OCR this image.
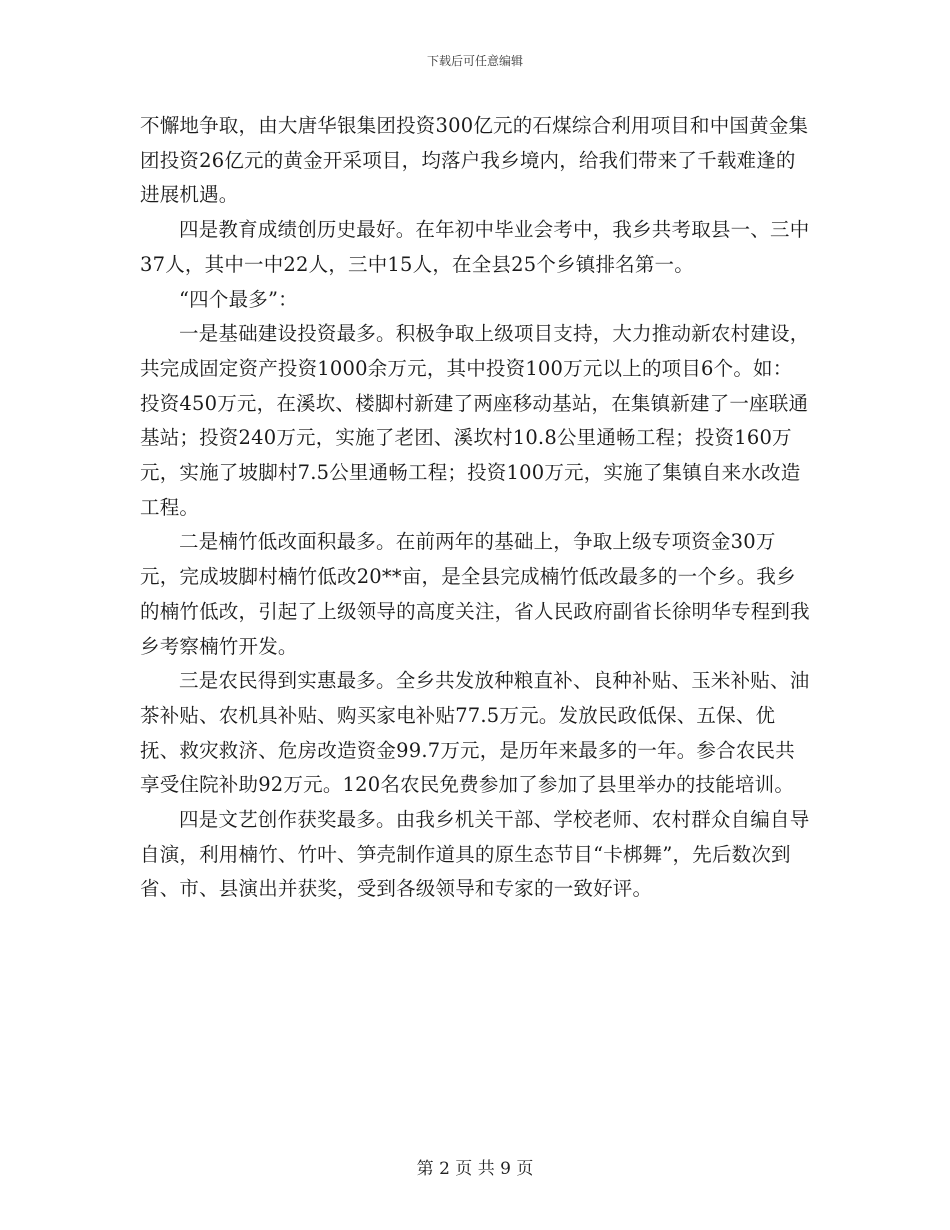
下载后可任意编辑

不懈地争取，由大唐华银集团投资300亿元的石煤综合利用项目和中国黄金集团投资26亿元的黄金开采项目，均落户我乡境内，给我们带来了千载难逢的进展机遇。

四是教育成绩创历史最好。在年初中毕业会考中，我乡共考取县一、三中37人，其中一中22人，三中15人，在全县25个乡镇排名第一。

“四个最多”：

一是基础建设投资最多。积极争取上级项目支持，大力推动新农村建设，共完成固定资产投资1000余万元，其中投资100万元以上的项目6个。如：投资450万元，在溪坎、楼脚村新建了两座移动基站，在集镇新建了一座联通基站；投资240万元，实施了老团、溪坎村10.8公里通畅工程；投资160万元，实施了坡脚村7.5公里通畅工程；投资100万元，实施了集镇自来水改造工程。

二是楠竹低改面积最多。在前两年的基础上，争取上级专项资金30万元，完成坡脚村楠竹低改20**亩，是全县完成楠竹低改最多的一个乡。我乡的楠竹低改，引起了上级领导的高度关注，省人民政府副省长徐明华专程到我乡考察楠竹开发。

三是农民得到实惠最多。全乡共发放种粮直补、良种补贴、玉米补贴、油茶补贴、农机具补贴、购买家电补贴77.5万元。发放民政低保、五保、优抚、救灾救济、危房改造资金99.7万元，是历年来最多的一年。参合农民共享受住院补助92万元。120名农民免费参加了参加了县里举办的技能培训。

四是文艺创作获奖最多。由我乡机关干部、学校老师、农村群众自编自导自演，利用楠竹、竹叶、笋壳制作道具的原生态节目“卡梆舞”，先后数次到省、市、县演出并获奖，受到各级领导和专家的一致好评。

第 2 页 共 9 页
